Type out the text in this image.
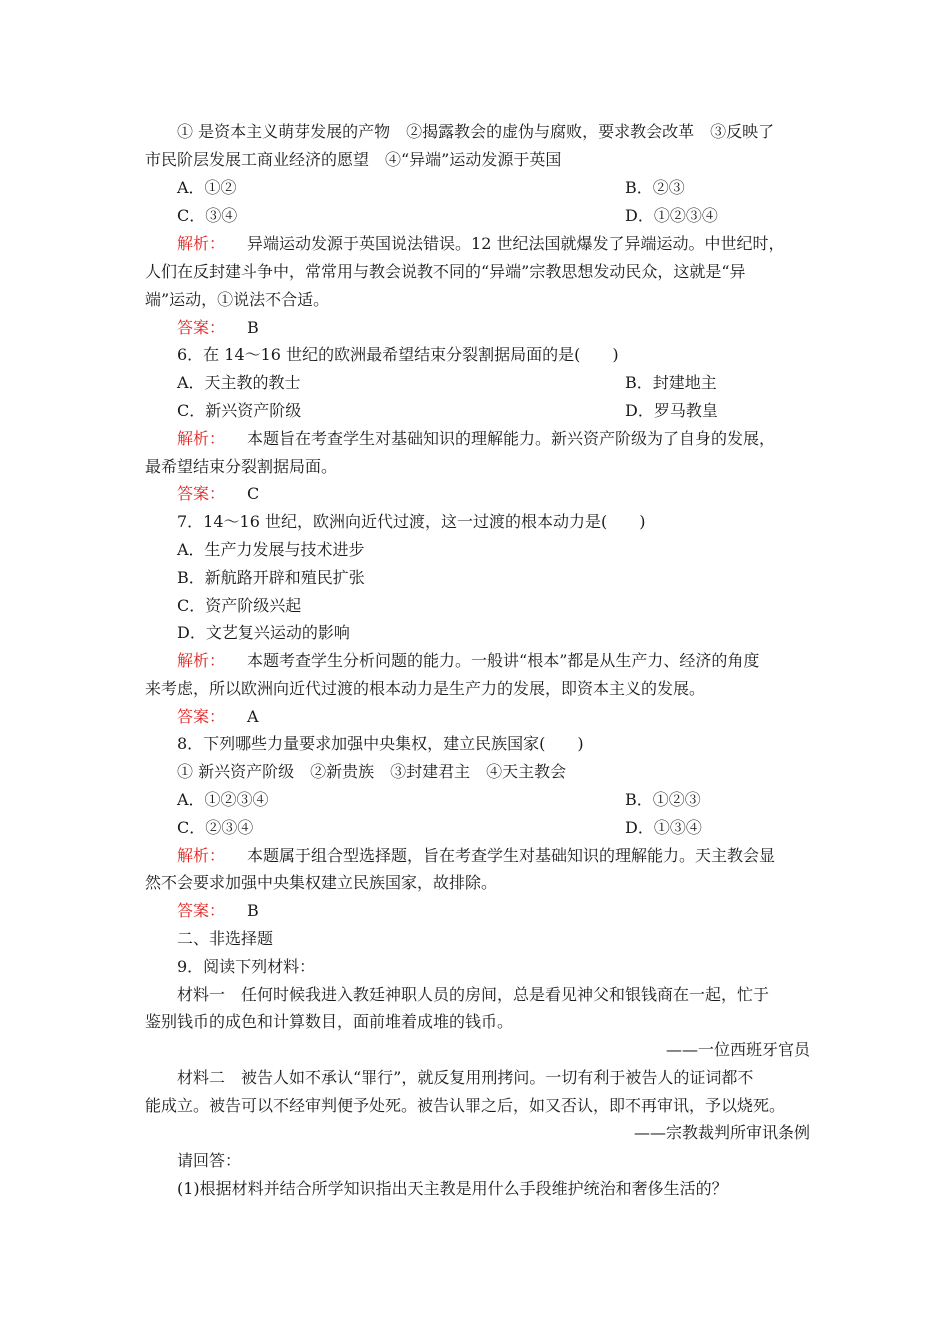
① 是资本主义萌芽发展的产物　②揭露教会的虚伪与腐败，要求教会改革　③反映了
市民阶层发展工商业经济的愿望　④“异端”运动发源于英国
A．①②	B．②③
C．③④	D．①②③④
解析： 异端运动发源于英国说法错误。12 世纪法国就爆发了异端运动。中世纪时，
人们在反封建斗争中，常常用与教会说教不同的“异端”宗教思想发动民众，这就是“异
端”运动，①说法不合适。
答案： B
6．在 14～16 世纪的欧洲最希望结束分裂割据局面的是(　　)
A．天主教的教士	B．封建地主
C．新兴资产阶级	D．罗马教皇
解析： 本题旨在考查学生对基础知识的理解能力。新兴资产阶级为了自身的发展，
最希望结束分裂割据局面。
答案： C
7．14～16 世纪，欧洲向近代过渡，这一过渡的根本动力是(　　)
A．生产力发展与技术进步
B．新航路开辟和殖民扩张
C．资产阶级兴起
D．文艺复兴运动的影响
解析： 本题考查学生分析问题的能力。一般讲“根本”都是从生产力、经济的角度
来考虑，所以欧洲向近代过渡的根本动力是生产力的发展，即资本主义的发展。
答案： A
8．下列哪些力量要求加强中央集权，建立民族国家(　　)
① 新兴资产阶级　②新贵族　③封建君主　④天主教会
A．①②③④	B．①②③
C．②③④	D．①③④
解析： 本题属于组合型选择题，旨在考查学生对基础知识的理解能力。天主教会显
然不会要求加强中央集权建立民族国家，故排除。
答案： B
二、非选择题
9．阅读下列材料：
材料一　任何时候我进入教廷神职人员的房间，总是看见神父和银钱商在一起，忙于
鉴别钱币的成色和计算数目，面前堆着成堆的钱币。
——一位西班牙官员
材料二　被告人如不承认“罪行”，就反复用刑拷问。一切有利于被告人的证词都不
能成立。被告可以不经审判便予处死。被告认罪之后，如又否认，即不再审讯，予以烧死。
——宗教裁判所审讯条例
请回答：
(1)根据材料并结合所学知识指出天主教是用什么手段维护统治和奢侈生活的？
